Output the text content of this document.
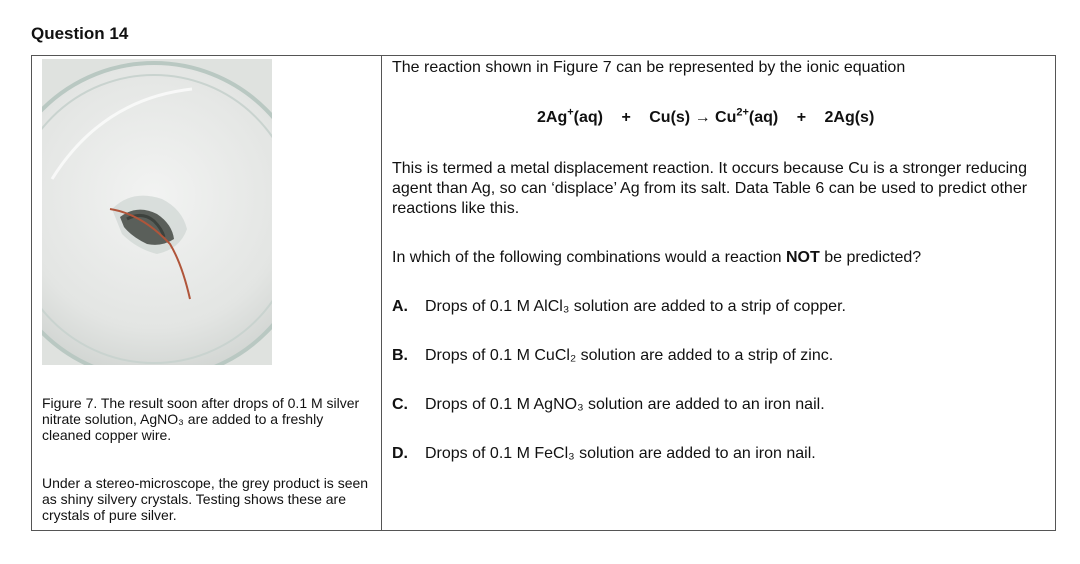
Question 14

Figure 7. The result soon after drops of 0.1 M silver nitrate solution, AgNO₃ are added to a freshly cleaned copper wire.

Under a stereo-microscope, the grey product is seen as shiny silvery crystals. Testing shows these are crystals of pure silver.

The reaction shown in Figure 7 can be represented by the ionic equation
$2Ag^+(aq) + Cu(s) \to Cu^{2+}(aq) + 2Ag(s)$
This is termed a metal displacement reaction. It occurs because Cu is a stronger reducing agent than Ag, so can ‘displace’ Ag from its salt. Data Table 6 can be used to predict other reactions like this.
In which of the following combinations would a reaction NOT be predicted?
A. Drops of 0.1 M AlCl₃ solution are added to a strip of copper.
B. Drops of 0.1 M CuCl₂ solution are added to a strip of zinc.
C. Drops of 0.1 M AgNO₃ solution are added to an iron nail.
D. Drops of 0.1 M FeCl₃ solution are added to an iron nail.
